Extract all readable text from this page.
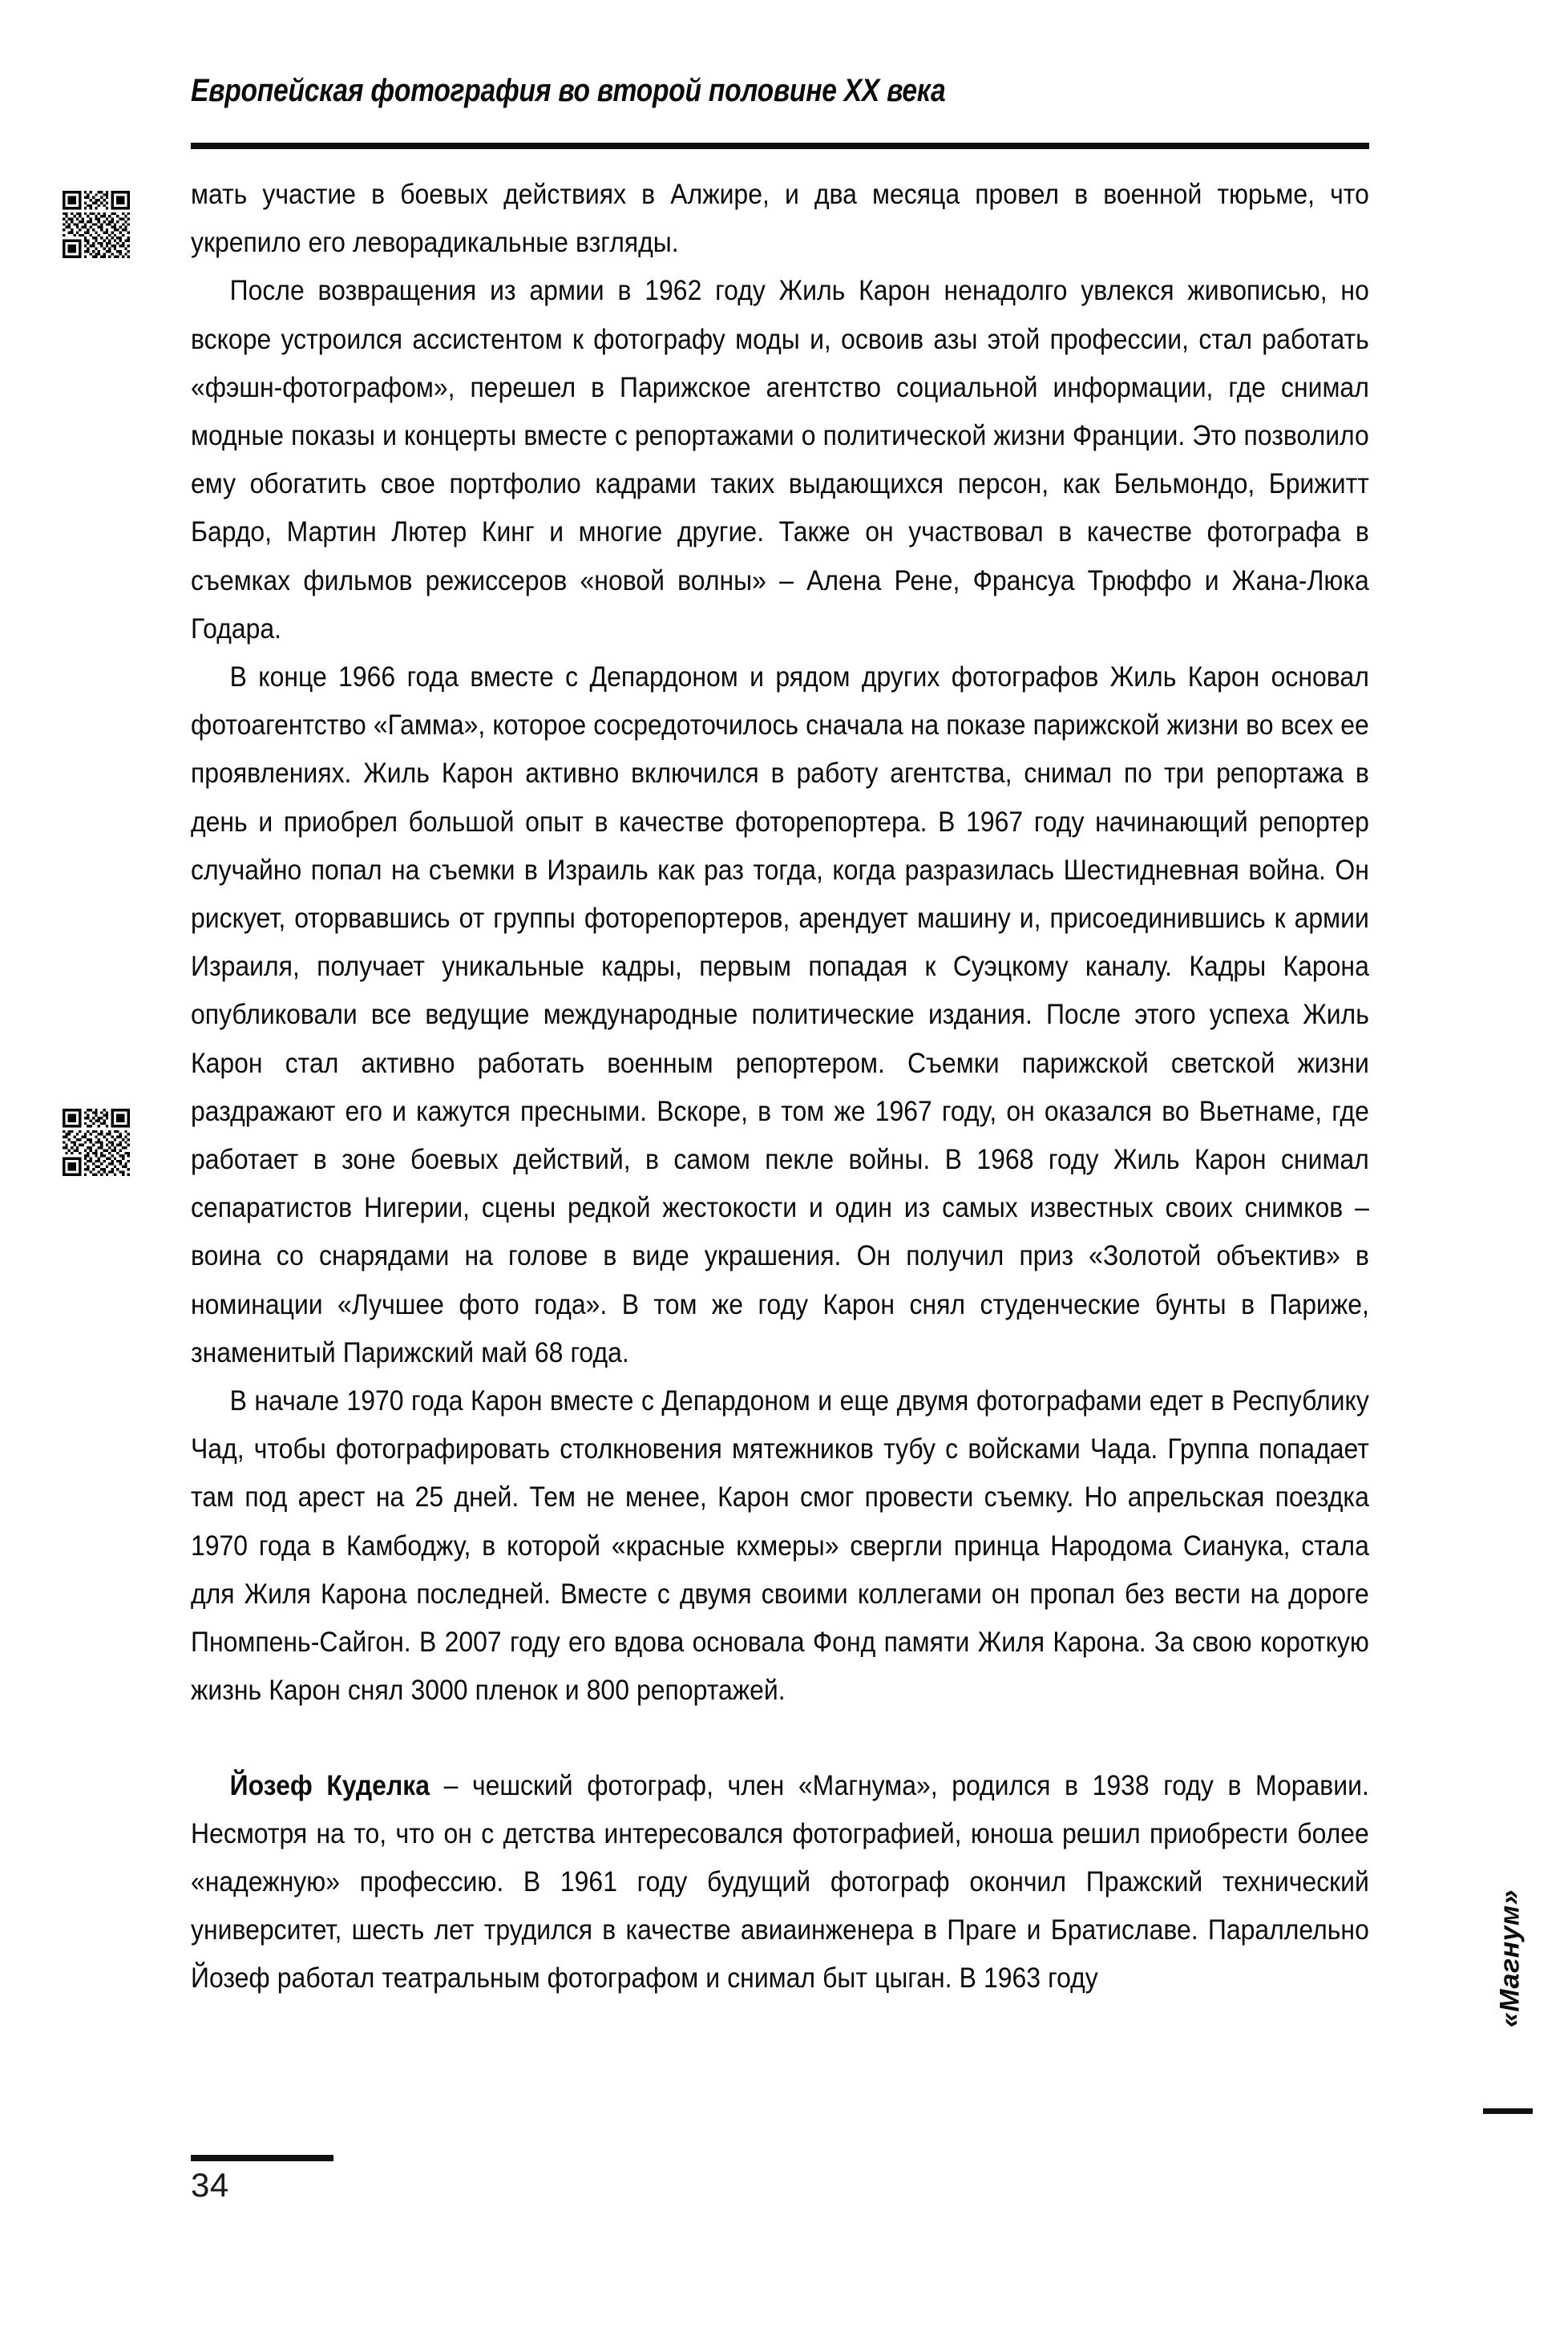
Европейская фотография во второй половине XX века

мать участие в боевых действиях в Алжире, и два месяца провел в военной тюрьме, что укрепило его леворадикальные взгляды.

После возвращения из армии в 1962 году Жиль Карон ненадолго увлекся живописью, но вскоре устроился ассистентом к фотографу моды и, освоив азы этой профессии, стал работать «фэшн-фотографом», перешел в Парижское агентство социальной информации, где снимал модные показы и концерты вместе с репортажами о политической жизни Франции. Это позволило ему обогатить свое портфолио кадрами таких выдающихся персон, как Бельмондо, Брижитт Бардо, Мартин Лютер Кинг и многие другие. Также он участвовал в качестве фотографа в съемках фильмов режиссеров «новой волны» – Алена Рене, Франсуа Трюффо и Жана-Люка Годара.

В конце 1966 года вместе с Депардоном и рядом других фотографов Жиль Карон основал фотоагентство «Гамма», которое сосредоточилось сначала на показе парижской жизни во всех ее проявлениях. Жиль Карон активно включился в работу агентства, снимал по три репортажа в день и приобрел большой опыт в качестве фоторепортера. В 1967 году начинающий репортер случайно попал на съемки в Израиль как раз тогда, когда разразилась Шестидневная война. Он рискует, оторвавшись от группы фоторепортеров, арендует машину и, присоединившись к армии Израиля, получает уникальные кадры, первым попадая к Суэцкому каналу. Кадры Карона опубликовали все ведущие международные политические издания. После этого успеха Жиль Карон стал активно работать военным репортером. Съемки парижской светской жизни раздражают его и кажутся пресными. Вскоре, в том же 1967 году, он оказался во Вьетнаме, где работает в зоне боевых действий, в самом пекле войны. В 1968 году Жиль Карон снимал сепаратистов Нигерии, сцены редкой жестокости и один из самых известных своих снимков – воина со снарядами на голове в виде украшения. Он получил приз «Золотой объектив» в номинации «Лучшее фото года». В том же году Карон снял студенческие бунты в Париже, знаменитый Парижский май 68 года.

В начале 1970 года Карон вместе с Депардоном и еще двумя фотографами едет в Республику Чад, чтобы фотографировать столкновения мятежников тубу с войсками Чада. Группа попадает там под арест на 25 дней. Тем не менее, Карон смог провести съемку. Но апрельская поездка 1970 года в Камбоджу, в которой «красные кхмеры» свергли принца Народома Сианука, стала для Жиля Карона последней. Вместе с двумя своими коллегами он пропал без вести на дороге Пномпень-Сайгон. В 2007 году его вдова основала Фонд памяти Жиля Карона. За свою короткую жизнь Карон снял 3000 пленок и 800 репортажей.

Йозеф Куделка – чешский фотограф, член «Магнума», родился в 1938 году в Моравии. Несмотря на то, что он с детства интересовался фотографией, юноша решил приобрести более «надежную» профессию. В 1961 году будущий фотограф окончил Пражский технический университет, шесть лет трудился в качестве авиаинженера в Праге и Братиславе. Параллельно Йозеф работал театральным фотографом и снимал быт цыган. В 1963 году	«Магнум»
34
